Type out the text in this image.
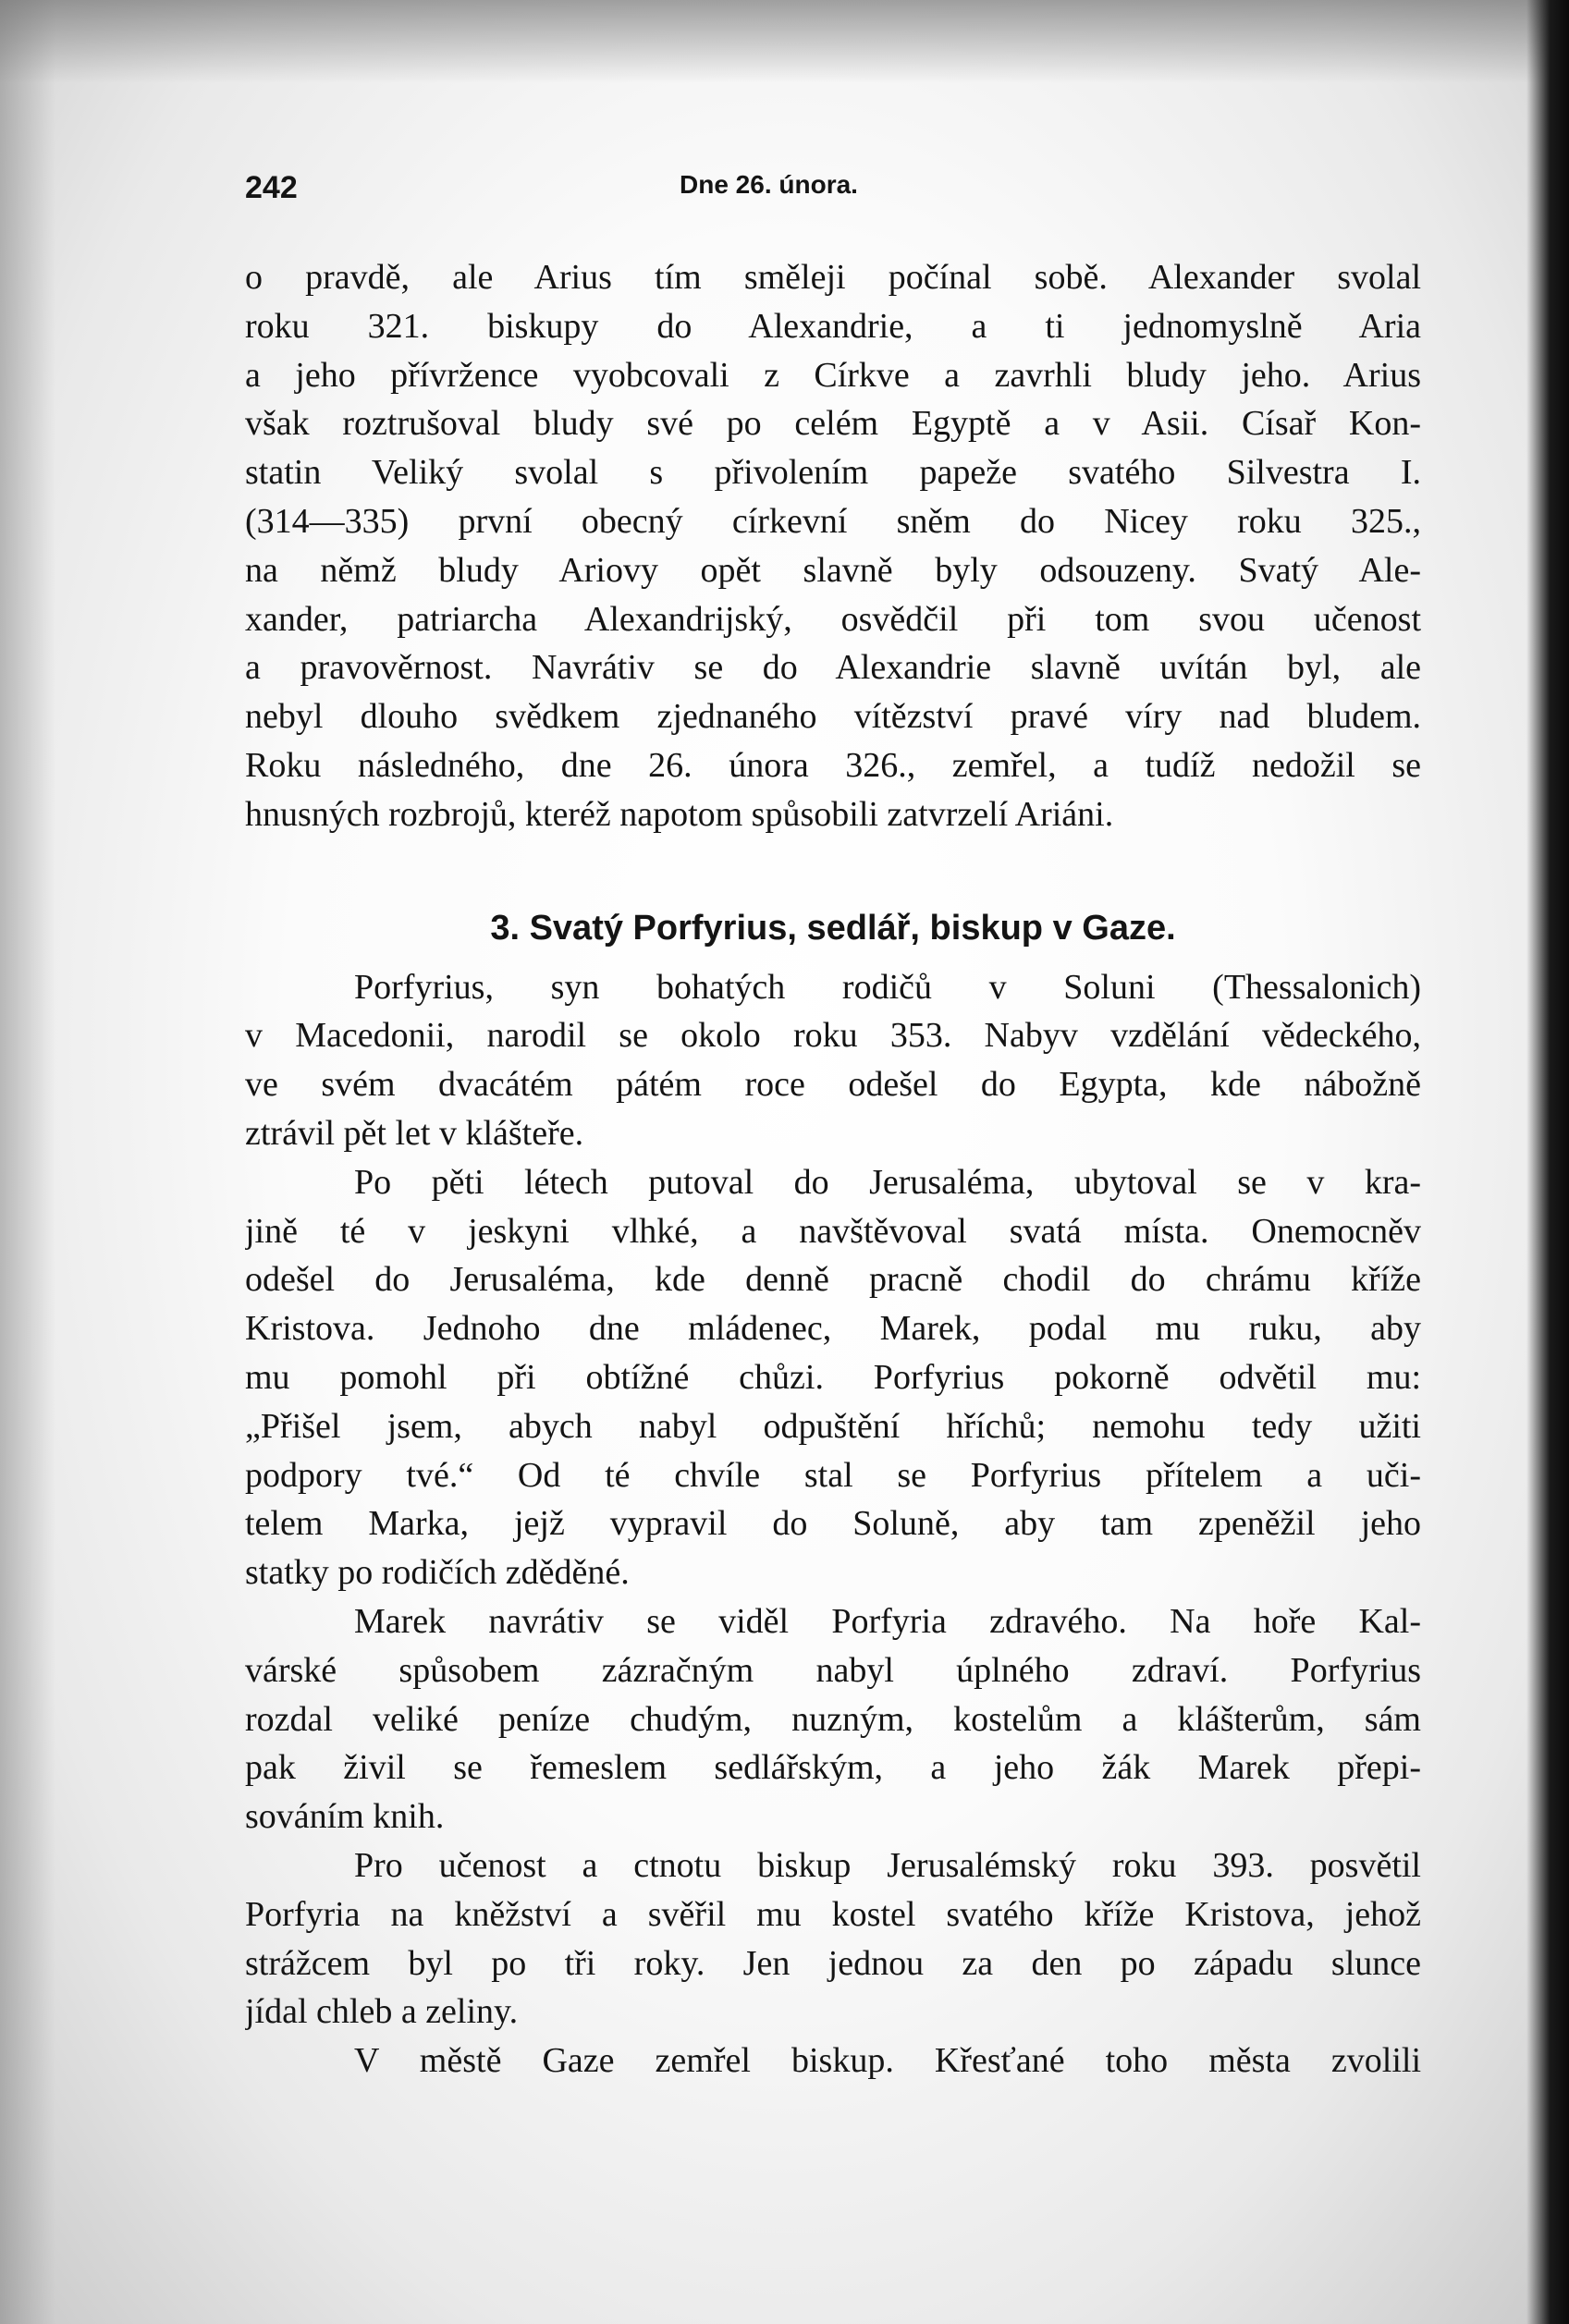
242	Dne 26. února.
o pravdě, ale Arius tím směleji počínal sobě. Alexander svolal
roku 321. biskupy do Alexandrie, a ti jednomyslně Aria
a jeho přívržence vyobcovali z Církve a zavrhli bludy jeho. Arius
však roztrušoval bludy své po celém Egyptě a v Asii. Císař Kon-
statin Veliký svolal s přivolením papeže svatého Silvestra I.
(314—335) první obecný církevní sněm do Nicey roku 325.,
na němž bludy Ariovy opět slavně byly odsouzeny. Svatý Ale-
xander, patriarcha Alexandrijský, osvědčil při tom svou učenost
a pravověrnost. Navrátiv se do Alexandrie slavně uvítán byl, ale
nebyl dlouho svědkem zjednaného vítězství pravé víry nad bludem.
Roku následného, dne 26. února 326., zemřel, a tudíž nedožil se
hnusných rozbrojů, kteréž napotom spůsobili zatvrzelí Ariáni.
3. Svatý Porfyrius, sedlář, biskup v Gaze.
Porfyrius, syn bohatých rodičů v Soluni (Thessalonich)
v Macedonii, narodil se okolo roku 353. Nabyv vzdělání vědeckého,
ve svém dvacátém pátém roce odešel do Egypta, kde nábožně
ztrávil pět let v klášteře.
Po pěti létech putoval do Jerusaléma, ubytoval se v kra-
jině té v jeskyni vlhké, a navštěvoval svatá místa. Onemocněv
odešel do Jerusaléma, kde denně pracně chodil do chrámu kříže
Kristova. Jednoho dne mládenec, Marek, podal mu ruku, aby
mu pomohl při obtížné chůzi. Porfyrius pokorně odvětil mu:
„Přišel jsem, abych nabyl odpuštění hříchů; nemohu tedy užiti
podpory tvé.“ Od té chvíle stal se Porfyrius přítelem a uči-
telem Marka, jejž vypravil do Soluně, aby tam zpeněžil jeho
statky po rodičích zděděné.
Marek navrátiv se viděl Porfyria zdravého. Na hoře Kal-
várské spůsobem zázračným nabyl úplného zdraví. Porfyrius
rozdal veliké peníze chudým, nuzným, kostelům a klášterům, sám
pak živil se řemeslem sedlářským, a jeho žák Marek přepi-
sováním knih.
Pro učenost a ctnotu biskup Jerusalémský roku 393. posvětil
Porfyria na kněžství a svěřil mu kostel svatého kříže Kristova, jehož
strážcem byl po tři roky. Jen jednou za den po západu slunce
jídal chleb a zeliny.
V městě Gaze zemřel biskup. Křesťané toho města zvolili
